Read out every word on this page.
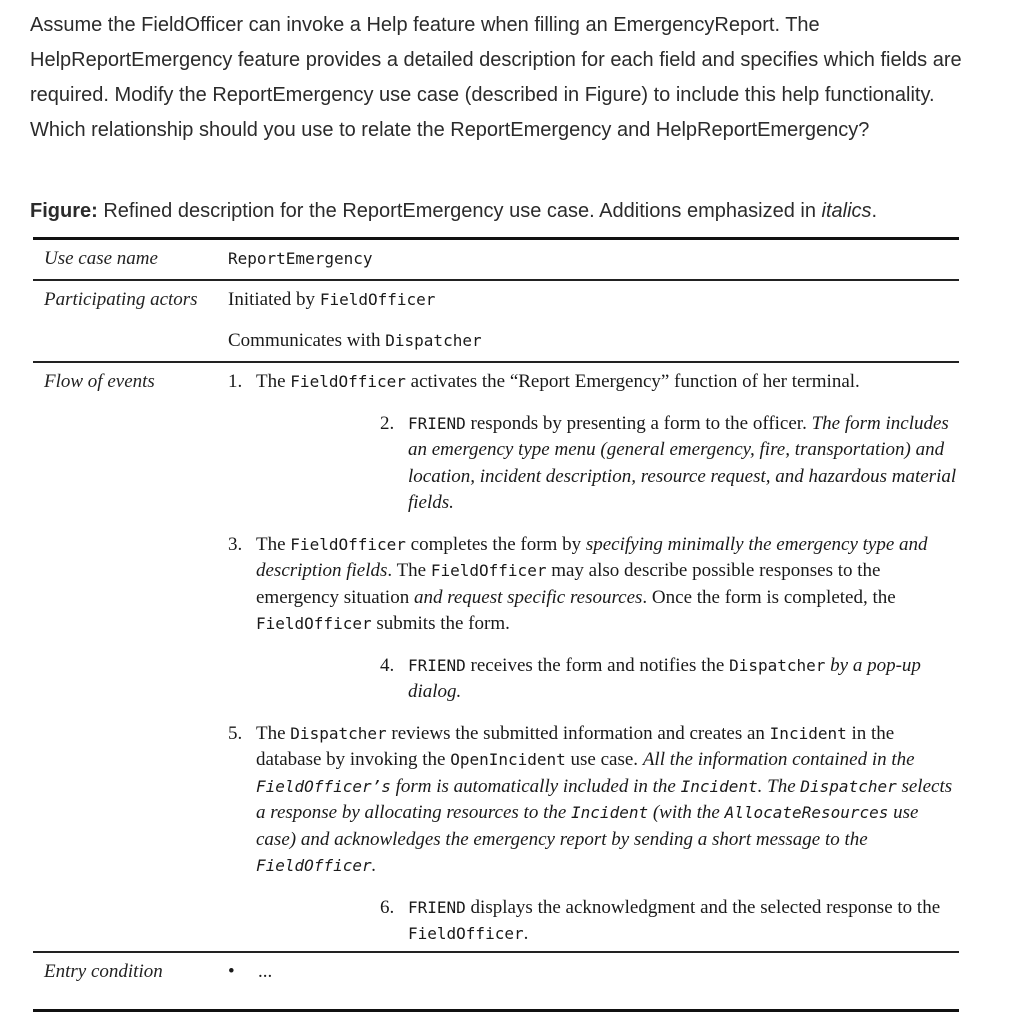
Assume the FieldOfficer can invoke a Help feature when filling an EmergencyReport. The HelpReportEmergency feature provides a detailed description for each field and specifies which fields are required. Modify the ReportEmergency use case (described in Figure) to include this help functionality. Which relationship should you use to relate the ReportEmergency and HelpReportEmergency?

Figure: Refined description for the ReportEmergency use case. Additions emphasized in italics.

Use case name	ReportEmergency
Participating actors	Initiated by FieldOfficer
Communicates with Dispatcher
Flow of events	1. The FieldOfficer activates the “Report Emergency” function of her terminal.
2. FRIEND responds by presenting a form to the officer. The form includes an emergency type menu (general emergency, fire, transportation) and location, incident description, resource request, and hazardous material fields.
3. The FieldOfficer completes the form by specifying minimally the emergency type and description fields. The FieldOfficer may also describe possible responses to the emergency situation and request specific resources. Once the form is completed, the FieldOfficer submits the form.
4. FRIEND receives the form and notifies the Dispatcher by a pop-up dialog.
5. The Dispatcher reviews the submitted information and creates an Incident in the database by invoking the OpenIncident use case. All the information contained in the FieldOfficer’s form is automatically included in the Incident. The Dispatcher selects a response by allocating resources to the Incident (with the AllocateResources use case) and acknowledges the emergency report by sending a short message to the FieldOfficer.
6. FRIEND displays the acknowledgment and the selected response to the FieldOfficer.
Entry condition	• ...
